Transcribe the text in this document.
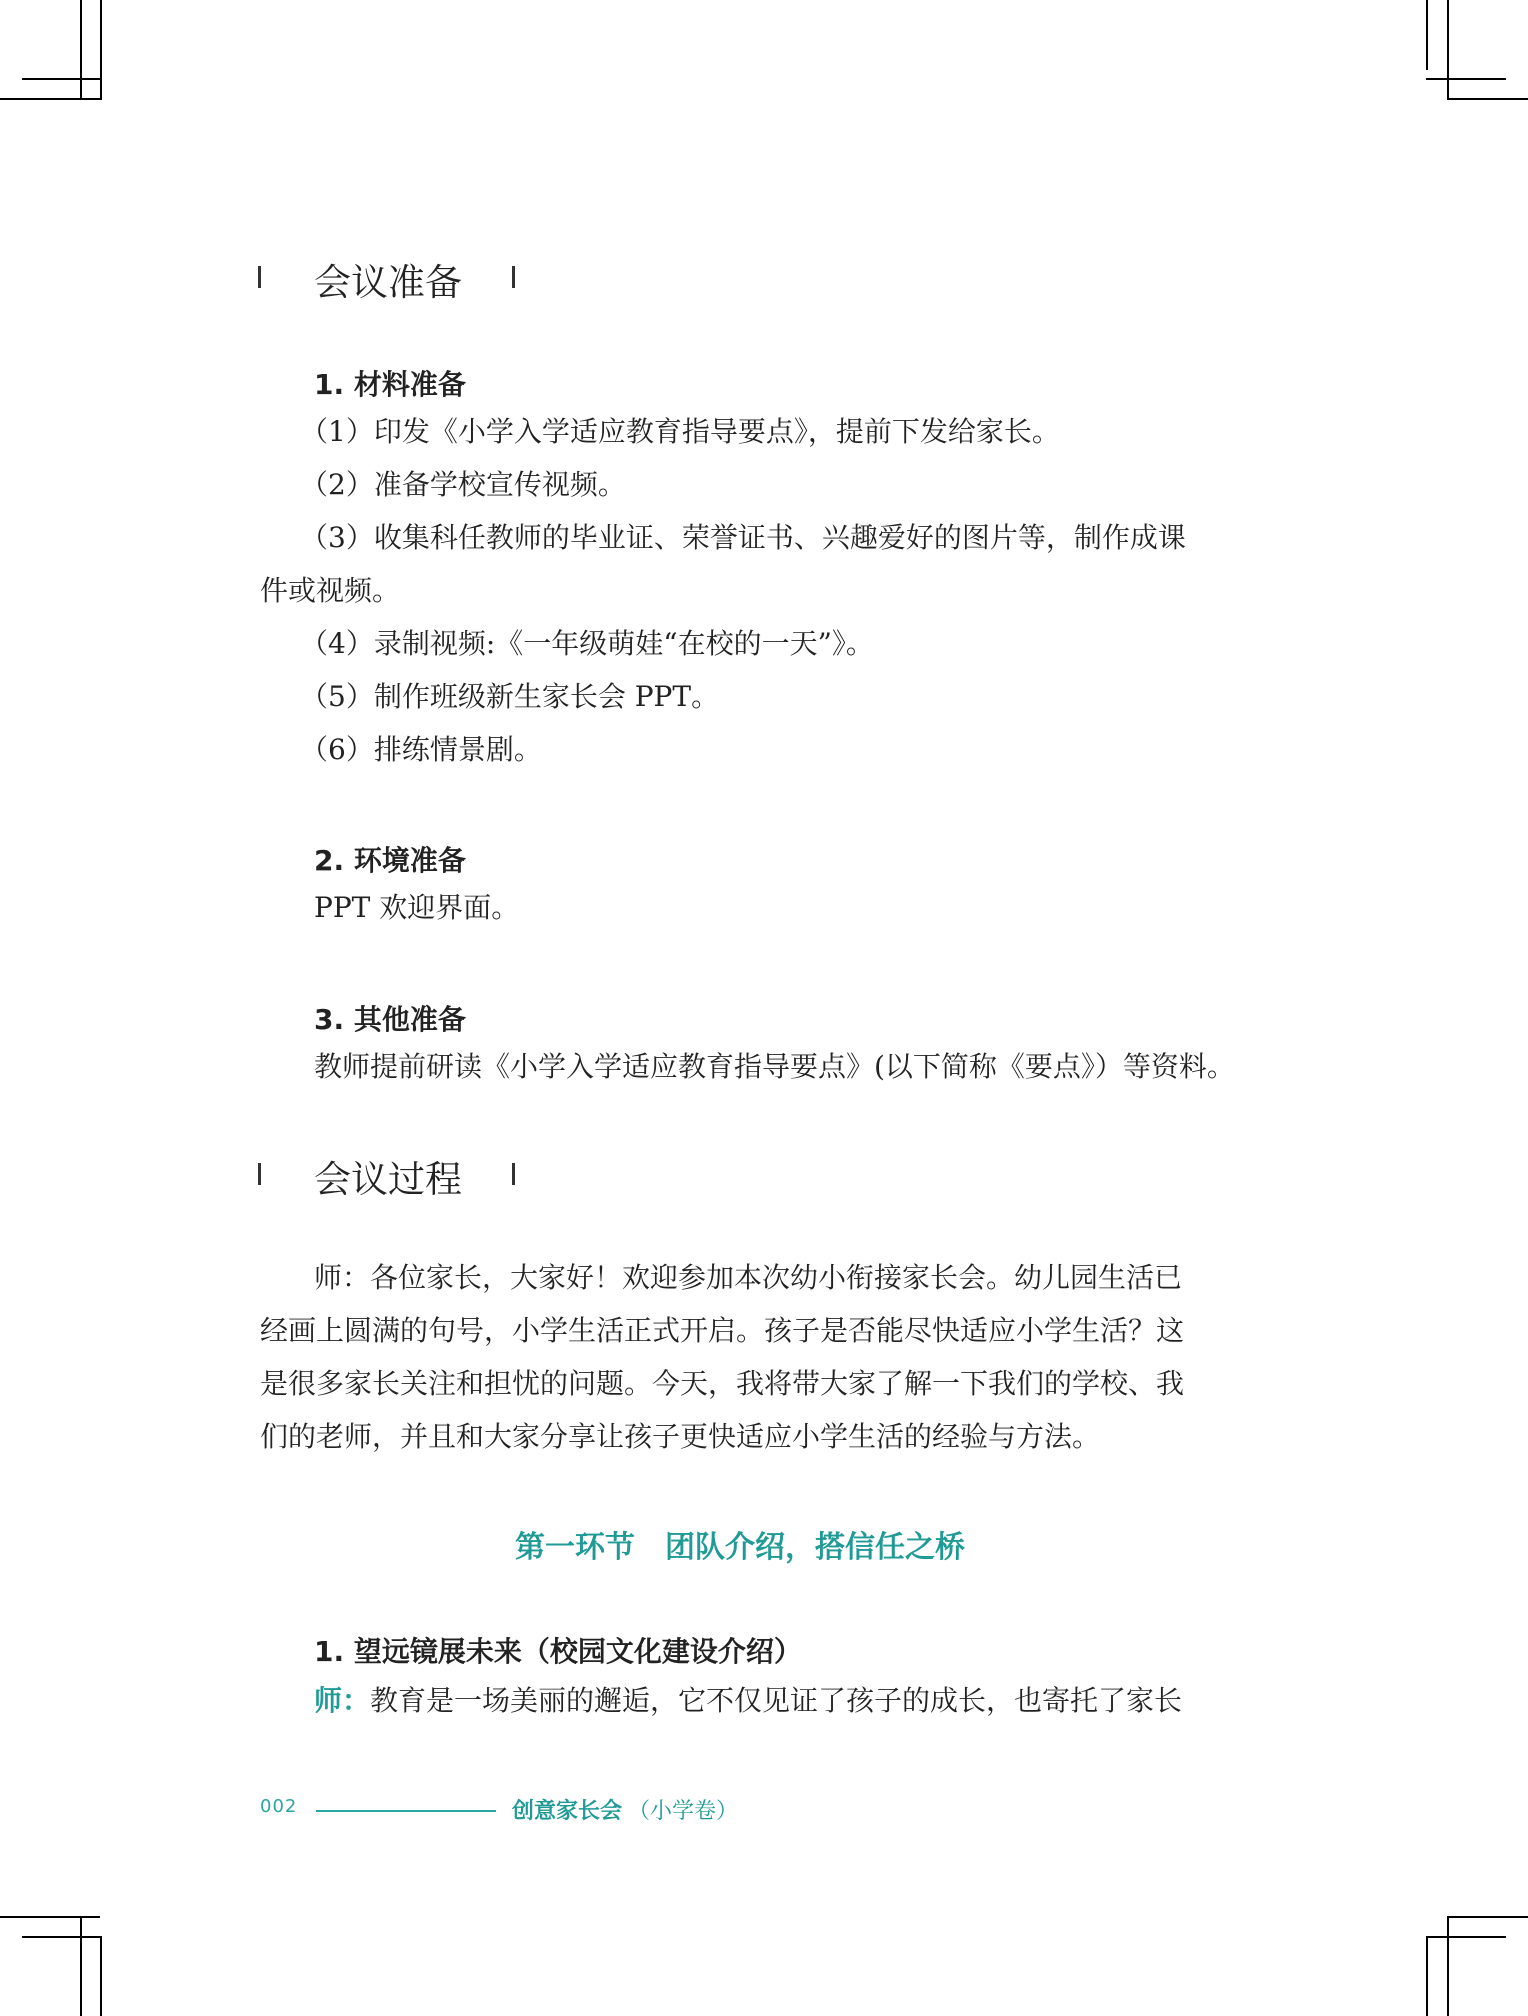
会议准备
1. 材料准备
（1）印发《小学入学适应教育指导要点》，提前下发给家长。
（2）准备学校宣传视频。
（3）收集科任教师的毕业证、荣誉证书、兴趣爱好的图片等，制作成课
件或视频。
（4）录制视频:《一年级萌娃“在校的一天”》。
（5）制作班级新生家长会 PPT。
（6）排练情景剧。
2. 环境准备
PPT 欢迎界面。
3. 其他准备
教师提前研读《小学入学适应教育指导要点》(以下简称《要点》）等资料。
会议过程
师：各位家长，大家好！欢迎参加本次幼小衔接家长会。幼儿园生活已
经画上圆满的句号，小学生活正式开启。孩子是否能尽快适应小学生活？这
是很多家长关注和担忧的问题。今天，我将带大家了解一下我们的学校、我
们的老师，并且和大家分享让孩子更快适应小学生活的经验与方法。
第一环节　团队介绍，搭信任之桥
1. 望远镜展未来（校园文化建设介绍）
师：教育是一场美丽的邂逅，它不仅见证了孩子的成长，也寄托了家长
002	创意家长会 （小学卷）
